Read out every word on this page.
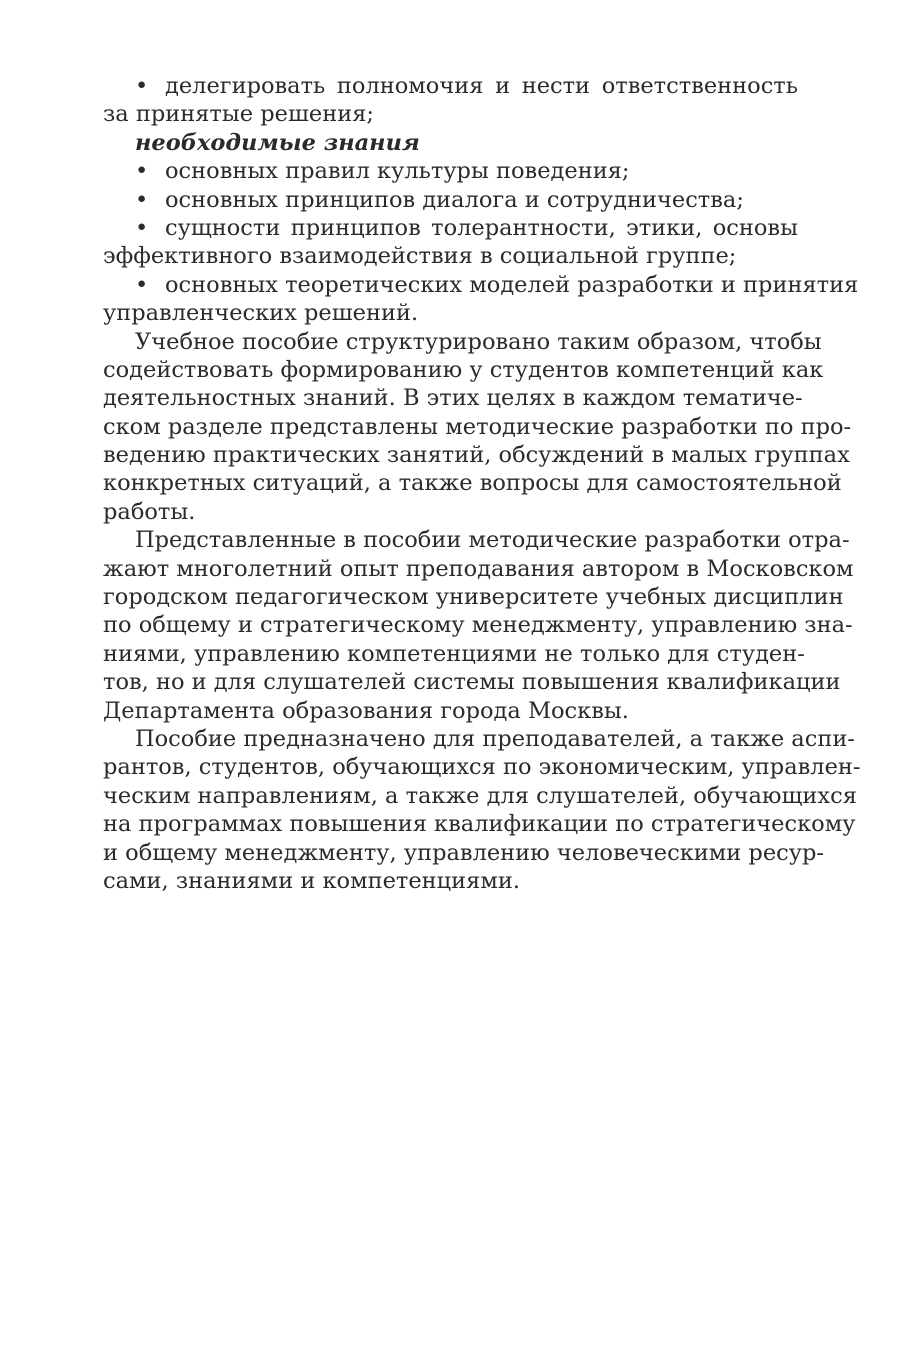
• делегировать полномочия и нести ответственность
за принятые решения;
необходимые знания
• основных правил культуры поведения;
• основных принципов диалога и сотрудничества;
• сущности принципов толерантности, этики, основы
эффективного взаимодействия в социальной группе;
• основных теоретических моделей разработки и принятия
управленческих решений.
Учебное пособие структурировано таким образом, чтобы
содействовать формированию у студентов компетенций как
деятельностных знаний. В этих целях в каждом тематиче-
ском разделе представлены методические разработки по про-
ведению практических занятий, обсуждений в малых группах
конкретных ситуаций, а также вопросы для самостоятельной
работы.
Представленные в пособии методические разработки отра-
жают многолетний опыт преподавания автором в Московском
городском педагогическом университете учебных дисциплин
по общему и стратегическому менеджменту, управлению зна-
ниями, управлению компетенциями не только для студен-
тов, но и для слушателей системы повышения квалификации
Департамента образования города Москвы.
Пособие предназначено для преподавателей, а также аспи-
рантов, студентов, обучающихся по экономическим, управлен-
ческим направлениям, а также для слушателей, обучающихся
на программах повышения квалификации по стратегическому
и общему менеджменту, управлению человеческими ресур-
сами, знаниями и компетенциями.
